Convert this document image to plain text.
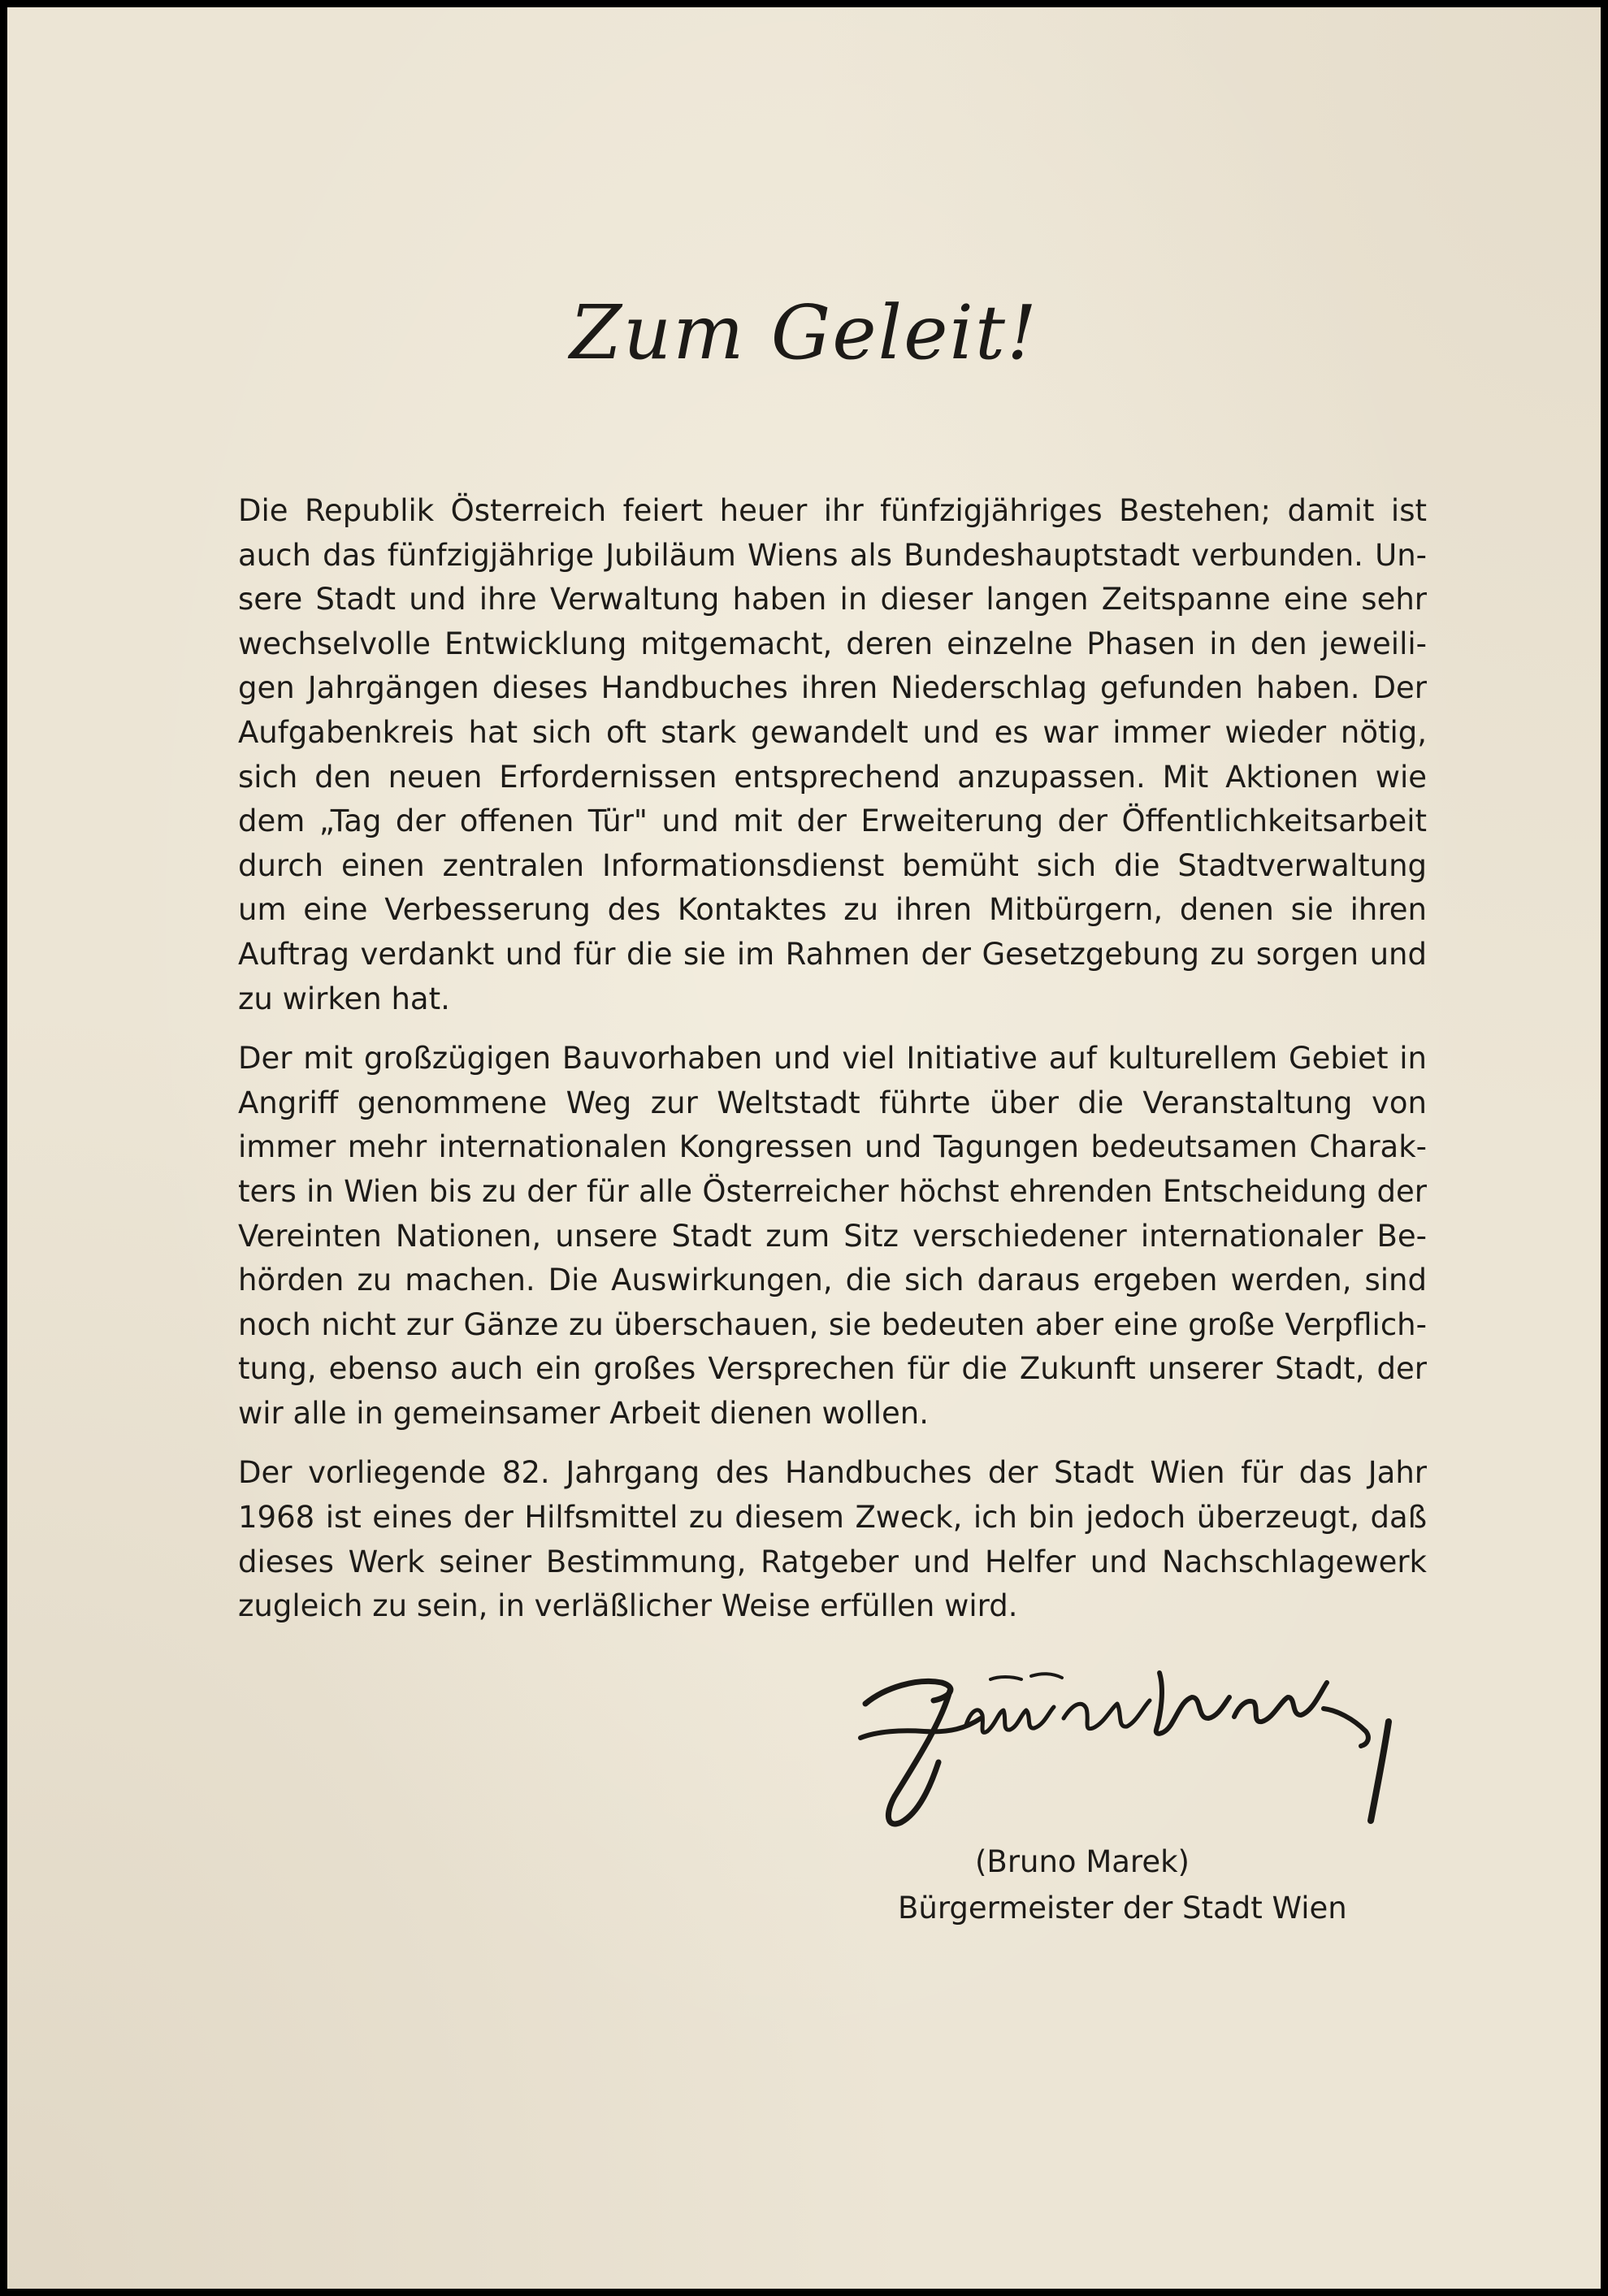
Zum Geleit!

Die Republik Österreich feiert heuer ihr fünfzigjähriges Bestehen; damit ist auch das fünfzigjährige Jubiläum Wiens als Bundeshauptstadt verbunden. Unsere Stadt und ihre Verwaltung haben in dieser langen Zeitspanne eine sehr wechselvolle Entwicklung mitgemacht, deren einzelne Phasen in den jeweiligen Jahrgängen dieses Handbuches ihren Niederschlag gefunden haben. Der Aufgabenkreis hat sich oft stark gewandelt und es war immer wieder nötig, sich den neuen Erfordernissen entsprechend anzupassen. Mit Aktionen wie dem „Tag der offenen Tür" und mit der Erweiterung der Öffentlichkeitsarbeit durch einen zentralen Informationsdienst bemüht sich die Stadtverwaltung um eine Verbesserung des Kontaktes zu ihren Mitbürgern, denen sie ihren Auftrag verdankt und für die sie im Rahmen der Gesetzgebung zu sorgen und zu wirken hat.

Der mit großzügigen Bauvorhaben und viel Initiative auf kulturellem Gebiet in Angriff genommene Weg zur Weltstadt führte über die Veranstaltung von immer mehr internationalen Kongressen und Tagungen bedeutsamen Charakters in Wien bis zu der für alle Österreicher höchst ehrenden Entscheidung der Vereinten Nationen, unsere Stadt zum Sitz verschiedener internationaler Behörden zu machen. Die Auswirkungen, die sich daraus ergeben werden, sind noch nicht zur Gänze zu überschauen, sie bedeuten aber eine große Verpflichtung, ebenso auch ein großes Versprechen für die Zukunft unserer Stadt, der wir alle in gemeinsamer Arbeit dienen wollen.

Der vorliegende 82. Jahrgang des Handbuches der Stadt Wien für das Jahr 1968 ist eines der Hilfsmittel zu diesem Zweck, ich bin jedoch überzeugt, daß dieses Werk seiner Bestimmung, Ratgeber und Helfer und Nachschlagewerk zugleich zu sein, in verläßlicher Weise erfüllen wird.

(Bruno Marek)
Bürgermeister der Stadt Wien
